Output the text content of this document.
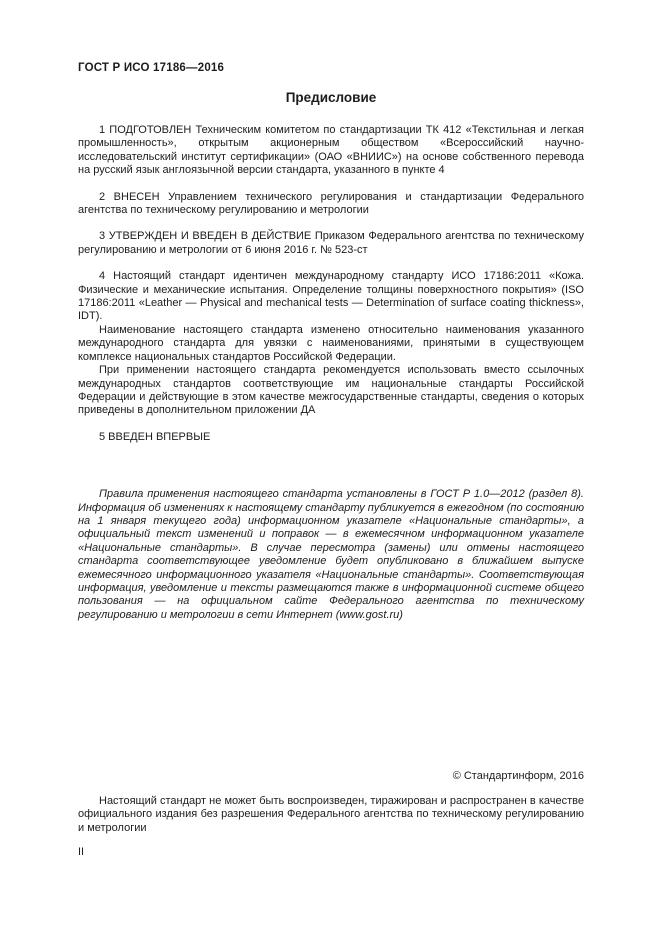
ГОСТ Р ИСО 17186—2016
Предисловие

1 ПОДГОТОВЛЕН Техническим комитетом по стандартизации ТК 412 «Текстильная и легкая промышленность», открытым акционерным обществом «Всероссийский научно-исследовательский институт сертификации» (ОАО «ВНИИС») на основе собственного перевода на русский язык англоязычной версии стандарта, указанного в пункте 4

2 ВНЕСЕН Управлением технического регулирования и стандартизации Федерального агентства по техническому регулированию и метрологии

3 УТВЕРЖДЕН И ВВЕДЕН В ДЕЙСТВИЕ Приказом Федерального агентства по техническому регулированию и метрологии от 6 июня 2016 г. № 523-ст

4 Настоящий стандарт идентичен международному стандарту ИСО 17186:2011 «Кожа. Физические и механические испытания. Определение толщины поверхностного покрытия» (ISO 17186:2011 «Leather — Physical and mechanical tests — Determination of surface coating thickness», IDT).

Наименование настоящего стандарта изменено относительно наименования указанного международного стандарта для увязки с наименованиями, принятыми в существующем комплексе национальных стандартов Российской Федерации.

При применении настоящего стандарта рекомендуется использовать вместо ссылочных международных стандартов соответствующие им национальные стандарты Российской Федерации и действующие в этом качестве межгосударственные стандарты, сведения о которых приведены в дополнительном приложении ДА

5 ВВЕДЕН ВПЕРВЫЕ

Правила применения настоящего стандарта установлены в ГОСТ Р 1.0—2012 (раздел 8). Информация об изменениях к настоящему стандарту публикуется в ежегодном (по состоянию на 1 января текущего года) информационном указателе «Национальные стандарты», а официальный текст изменений и поправок — в ежемесячном информационном указателе «Национальные стандарты». В случае пересмотра (замены) или отмены настоящего стандарта соответствующее уведомление будет опубликовано в ближайшем выпуске ежемесячного информационного указателя «Национальные стандарты». Соответствующая информация, уведомление и тексты размещаются также в информационной системе общего пользования — на официальном сайте Федерального агентства по техническому регулированию и метрологии в сети Интернет (www.gost.ru)

© Стандартинформ, 2016

Настоящий стандарт не может быть воспроизведен, тиражирован и распространен в качестве официального издания без разрешения Федерального агентства по техническому регулированию и метрологии

II
